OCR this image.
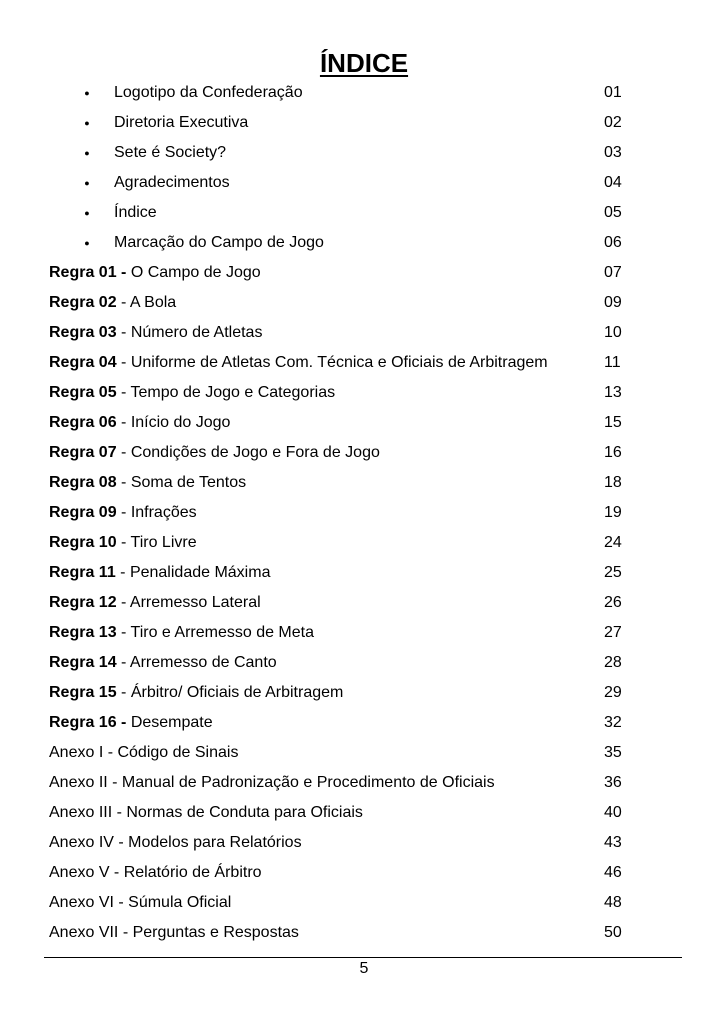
ÍNDICE
●
Logotipo da Confederação	01
●
Diretoria Executiva	02
●
Sete é Society?	03
●
Agradecimentos	04
●
Índice	05
●
Marcação do Campo de Jogo	06
Regra 01 - O Campo de Jogo	07
Regra 02 - A Bola	09
Regra 03 - Número de Atletas	10
Regra 04 - Uniforme de Atletas Com. Técnica e Oficiais de Arbitragem	11
Regra 05 - Tempo de Jogo e Categorias	13
Regra 06 - Início do Jogo	15
Regra 07 - Condições de Jogo e Fora de Jogo	16
Regra 08 - Soma de Tentos	18
Regra 09 - Infrações	19
Regra 10 - Tiro Livre	24
Regra 11 - Penalidade Máxima	25
Regra 12 - Arremesso Lateral	26
Regra 13 - Tiro e Arremesso de Meta	27
Regra 14 - Arremesso de Canto	28
Regra 15 - Árbitro/ Oficiais de Arbitragem	29
Regra 16 - Desempate	32
Anexo I - Código de Sinais	35
Anexo II - Manual de Padronização e Procedimento de Oficiais	36
Anexo III - Normas de Conduta para Oficiais	40
Anexo IV - Modelos para Relatórios	43
Anexo V - Relatório de Árbitro	46
Anexo VI - Súmula Oficial	48
Anexo VII - Perguntas e Respostas	50
5
